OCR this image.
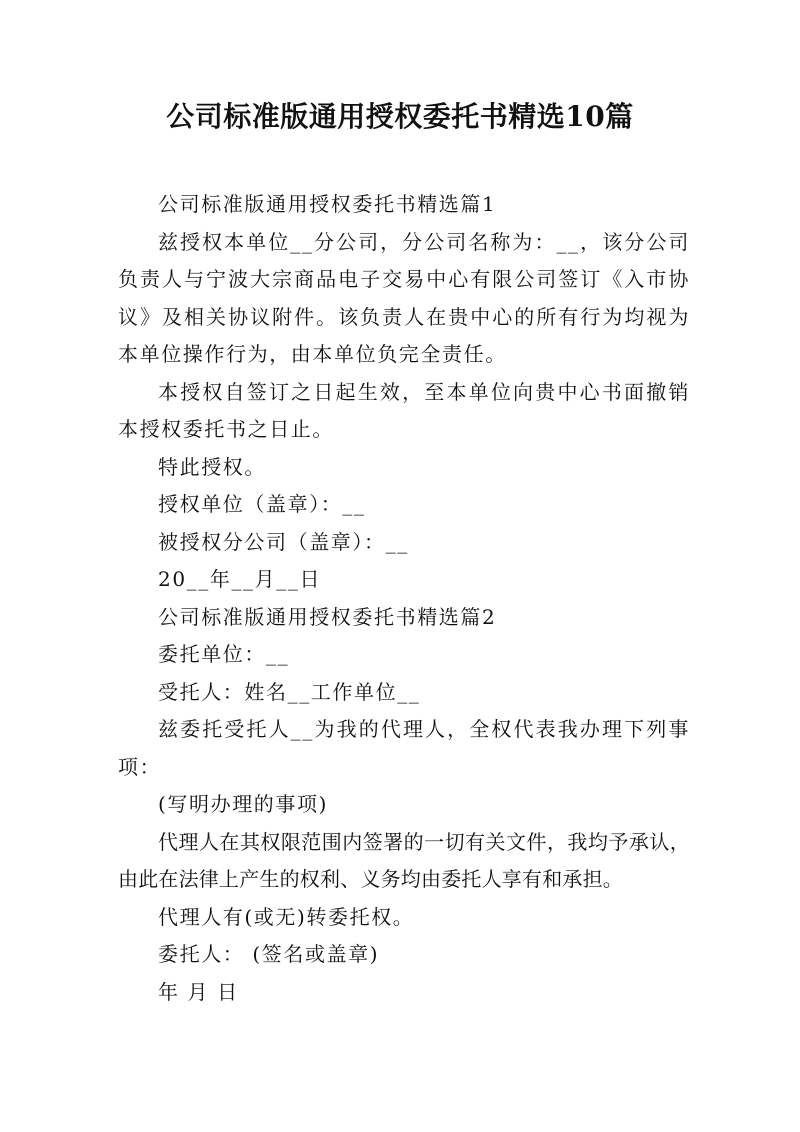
公司标准版通用授权委托书精选10篇

公司标准版通用授权委托书精选篇1

兹授权本单位__分公司，分公司名称为：__，该分公司负责人与宁波大宗商品电子交易中心有限公司签订《入市协议》及相关协议附件。该负责人在贵中心的所有行为均视为本单位操作行为，由本单位负完全责任。

本授权自签订之日起生效，至本单位向贵中心书面撤销本授权委托书之日止。

特此授权。

授权单位（盖章）：__

被授权分公司（盖章）：__

20__年__月__日

公司标准版通用授权委托书精选篇2

委托单位：__

受托人：姓名__工作单位__

兹委托受托人__为我的代理人，全权代表我办理下列事项：

(写明办理的事项)

代理人在其权限范围内签署的一切有关文件，我均予承认，由此在法律上产生的权利、义务均由委托人享有和承担。

代理人有(或无)转委托权。

委托人： (签名或盖章)

年 月 日
